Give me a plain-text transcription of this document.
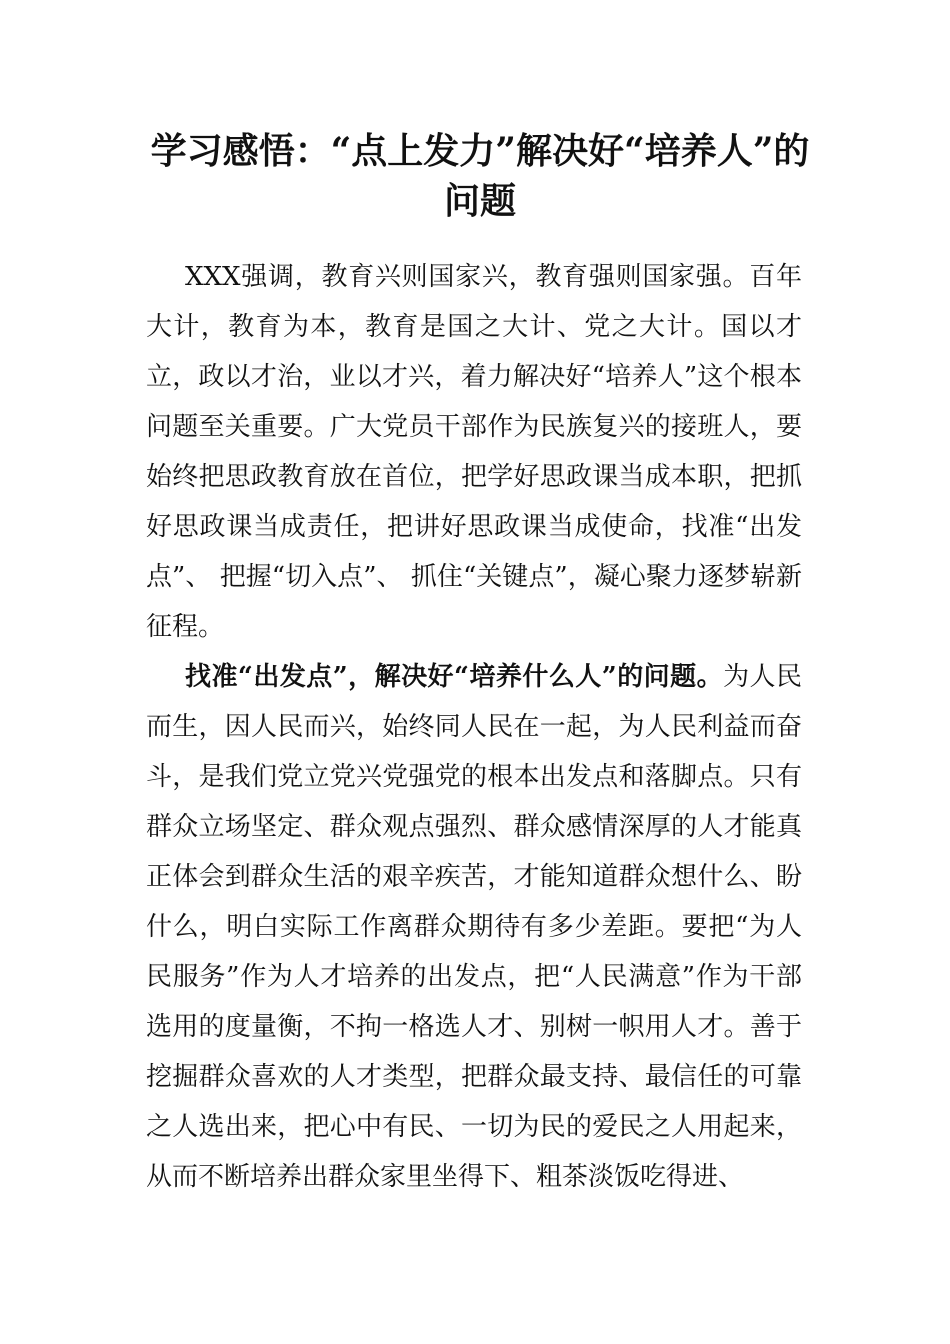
学习感悟：“点上发力”解决好“培养人”的问题

XXX强调，教育兴则国家兴，教育强则国家强。百年大计，教育为本，教育是国之大计、党之大计。国以才立，政以才治，业以才兴，着力解决好“培养人”这个根本问题至关重要。广大党员干部作为民族复兴的接班人，要始终把思政教育放在首位，把学好思政课当成本职，把抓好思政课当成责任，把讲好思政课当成使命，找准“出发点”、 把握“切入点”、 抓住“关键点”，凝心聚力逐梦崭新征程。

找准“出发点”，解决好“培养什么人”的问题。为人民而生，因人民而兴，始终同人民在一起，为人民利益而奋斗，是我们党立党兴党强党的根本出发点和落脚点。只有群众立场坚定、群众观点强烈、群众感情深厚的人才能真正体会到群众生活的艰辛疾苦，才能知道群众想什么、盼什么，明白实际工作离群众期待有多少差距。要把“为人民服务”作为人才培养的出发点，把“人民满意”作为干部选用的度量衡，不拘一格选人才、别树一帜用人才。善于挖掘群众喜欢的人才类型，把群众最支持、最信任的可靠之人选出来，把心中有民、一切为民的爱民之人用起来，从而不断培养出群众家里坐得下、粗茶淡饭吃得进、
